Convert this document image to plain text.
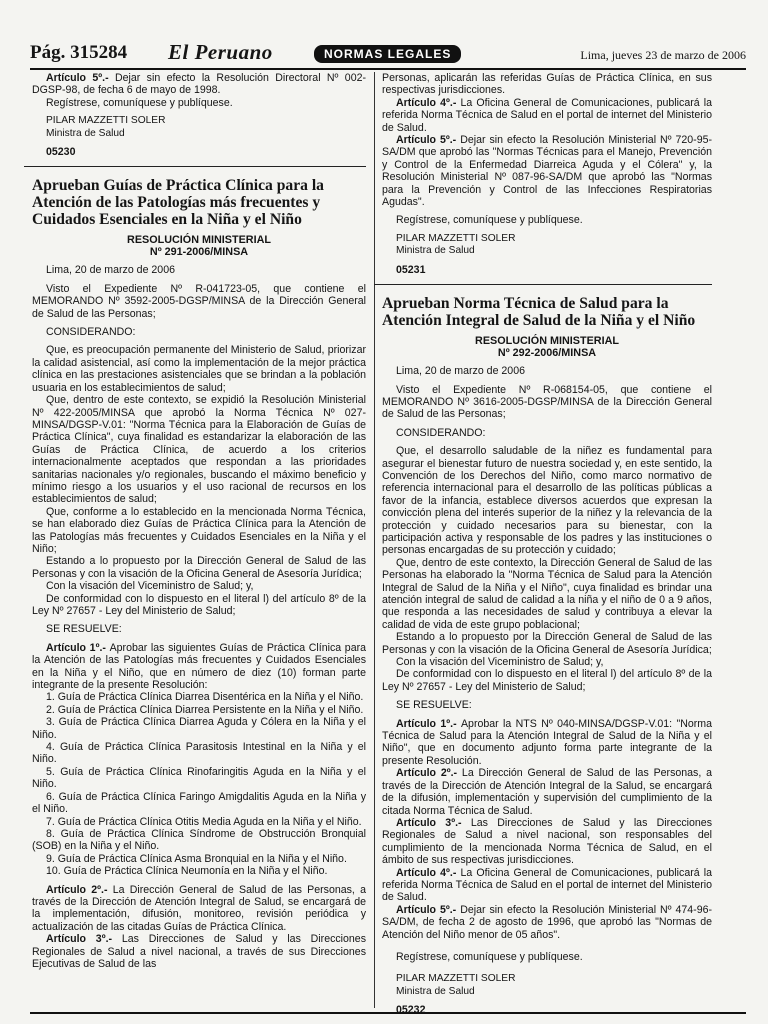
Pág. 315284 El Peruano	NORMAS LEGALES	Lima, jueves 23 de marzo de 2006
Artículo 5º.- Dejar sin efecto la Resolución Directoral Nº 002-DGSP-98, de fecha 6 de mayo de 1998.
Regístrese, comuníquese y publíquese.
PILAR MAZZETTI SOLER
Ministra de Salud
05230
Aprueban Guías de Práctica Clínica para la Atención de las Patologías más frecuentes y Cuidados Esenciales en la Niña y el Niño
RESOLUCIÓN MINISTERIAL
Nº 291-2006/MINSA
Lima, 20 de marzo de 2006
Visto el Expediente Nº R-041723-05, que contiene el MEMORANDO Nº 3592-2005-DGSP/MINSA de la Dirección General de Salud de las Personas;
CONSIDERANDO:
Que, es preocupación permanente del Ministerio de Salud, priorizar la calidad asistencial, así como la implementación de la mejor práctica clínica en las prestaciones asistenciales que se brindan a la población usuaria en los establecimientos de salud;
Que, dentro de este contexto, se expidió la Resolución Ministerial Nº 422-2005/MINSA que aprobó la Norma Técnica Nº 027-MINSA/DGSP-V.01: "Norma Técnica para la Elaboración de Guías de Práctica Clínica", cuya finalidad es estandarizar la elaboración de las Guías de Práctica Clínica, de acuerdo a los criterios internacionalmente aceptados que respondan a las prioridades sanitarias nacionales y/o regionales, buscando el máximo beneficio y mínimo riesgo a los usuarios y el uso racional de recursos en los establecimientos de salud;
Que, conforme a lo establecido en la mencionada Norma Técnica, se han elaborado diez Guías de Práctica Clínica para la Atención de las Patologías más frecuentes y Cuidados Esenciales en la Niña y el Niño;
Estando a lo propuesto por la Dirección General de Salud de las Personas y con la visación de la Oficina General de Asesoría Jurídica;
Con la visación del Viceministro de Salud; y,
De conformidad con lo dispuesto en el literal l) del artículo 8º de la Ley Nº 27657 - Ley del Ministerio de Salud;
SE RESUELVE:
Artículo 1º.- Aprobar las siguientes Guías de Práctica Clínica para la Atención de las Patologías más frecuentes y Cuidados Esenciales en la Niña y el Niño, que en número de diez (10) forman parte integrante de la presente Resolución:
1. Guía de Práctica Clínica Diarrea Disentérica en la Niña y el Niño.
2. Guía de Práctica Clínica Diarrea Persistente en la Niña y el Niño.
3. Guía de Práctica Clínica Diarrea Aguda y Cólera en la Niña y el Niño.
4. Guía de Práctica Clínica Parasitosis Intestinal en la Niña y el Niño.
5. Guía de Práctica Clínica Rinofaringitis Aguda en la Niña y el Niño.
6. Guía de Práctica Clínica Faringo Amigdalitis Aguda en la Niña y el Niño.
7. Guía de Práctica Clínica Otitis Media Aguda en la Niña y el Niño.
8. Guía de Práctica Clínica Síndrome de Obstrucción Bronquial (SOB) en la Niña y el Niño.
9. Guía de Práctica Clínica Asma Bronquial en la Niña y el Niño.
10. Guía de Práctica Clínica Neumonía en la Niña y el Niño.
Artículo 2º.- La Dirección General de Salud de las Personas, a través de la Dirección de Atención Integral de Salud, se encargará de la implementación, difusión, monitoreo, revisión periódica y actualización de las citadas Guías de Práctica Clínica.
Artículo 3º.- Las Direcciones de Salud y las Direcciones Regionales de Salud a nivel nacional, a través de sus Direcciones Ejecutivas de Salud de las
Personas, aplicarán las referidas Guías de Práctica Clínica, en sus respectivas jurisdicciones.
Artículo 4º.- La Oficina General de Comunicaciones, publicará la referida Norma Técnica de Salud en el portal de internet del Ministerio de Salud.
Artículo 5º.- Dejar sin efecto la Resolución Ministerial Nº 720-95-SA/DM que aprobó las "Normas Técnicas para el Manejo, Prevención y Control de la Enfermedad Diarreica Aguda y el Cólera" y, la Resolución Ministerial Nº 087-96-SA/DM que aprobó las "Normas para la Prevención y Control de las Infecciones Respiratorias Agudas".
Regístrese, comuníquese y publíquese.
PILAR MAZZETTI SOLER
Ministra de Salud
05231
Aprueban Norma Técnica de Salud para la Atención Integral de Salud de la Niña y el Niño
RESOLUCIÓN MINISTERIAL
Nº 292-2006/MINSA
Lima, 20 de marzo de 2006
Visto el Expediente Nº R-068154-05, que contiene el MEMORANDO Nº 3616-2005-DGSP/MINSA de la Dirección General de Salud de las Personas;
CONSIDERANDO:
Que, el desarrollo saludable de la niñez es fundamental para asegurar el bienestar futuro de nuestra sociedad y, en este sentido, la Convención de los Derechos del Niño, como marco normativo de referencia internacional para el desarrollo de las políticas públicas a favor de la infancia, establece diversos acuerdos que expresan la convicción plena del interés superior de la niñez y la relevancia de la protección y cuidado necesarios para su bienestar, con la participación activa y responsable de los padres y las instituciones o personas encargadas de su protección y cuidado;
Que, dentro de este contexto, la Dirección General de Salud de las Personas ha elaborado la "Norma Técnica de Salud para la Atención Integral de Salud de la Niña y el Niño", cuya finalidad es brindar una atención integral de salud de calidad a la niña y el niño de 0 a 9 años, que responda a las necesidades de salud y contribuya a elevar la calidad de vida de este grupo poblacional;
Estando a lo propuesto por la Dirección General de Salud de las Personas y con la visación de la Oficina General de Asesoría Jurídica;
Con la visación del Viceministro de Salud; y,
De conformidad con lo dispuesto en el literal l) del artículo 8º de la Ley Nº 27657 - Ley del Ministerio de Salud;
SE RESUELVE:
Artículo 1º.- Aprobar la NTS Nº 040-MINSA/DGSP-V.01: "Norma Técnica de Salud para la Atención Integral de Salud de la Niña y el Niño", que en documento adjunto forma parte integrante de la presente Resolución.
Artículo 2º.- La Dirección General de Salud de las Personas, a través de la Dirección de Atención Integral de la Salud, se encargará de la difusión, implementación y supervisión del cumplimiento de la citada Norma Técnica de Salud.
Artículo 3º.- Las Direcciones de Salud y las Direcciones Regionales de Salud a nivel nacional, son responsables del cumplimiento de la mencionada Norma Técnica de Salud, en el ámbito de sus respectivas jurisdicciones.
Artículo 4º.- La Oficina General de Comunicaciones, publicará la referida Norma Técnica de Salud en el portal de internet del Ministerio de Salud.
Artículo 5º.- Dejar sin efecto la Resolución Ministerial Nº 474-96-SA/DM, de fecha 2 de agosto de 1996, que aprobó las "Normas de Atención del Niño menor de 05 años".
Regístrese, comuníquese y publíquese.
PILAR MAZZETTI SOLER
Ministra de Salud
05232
